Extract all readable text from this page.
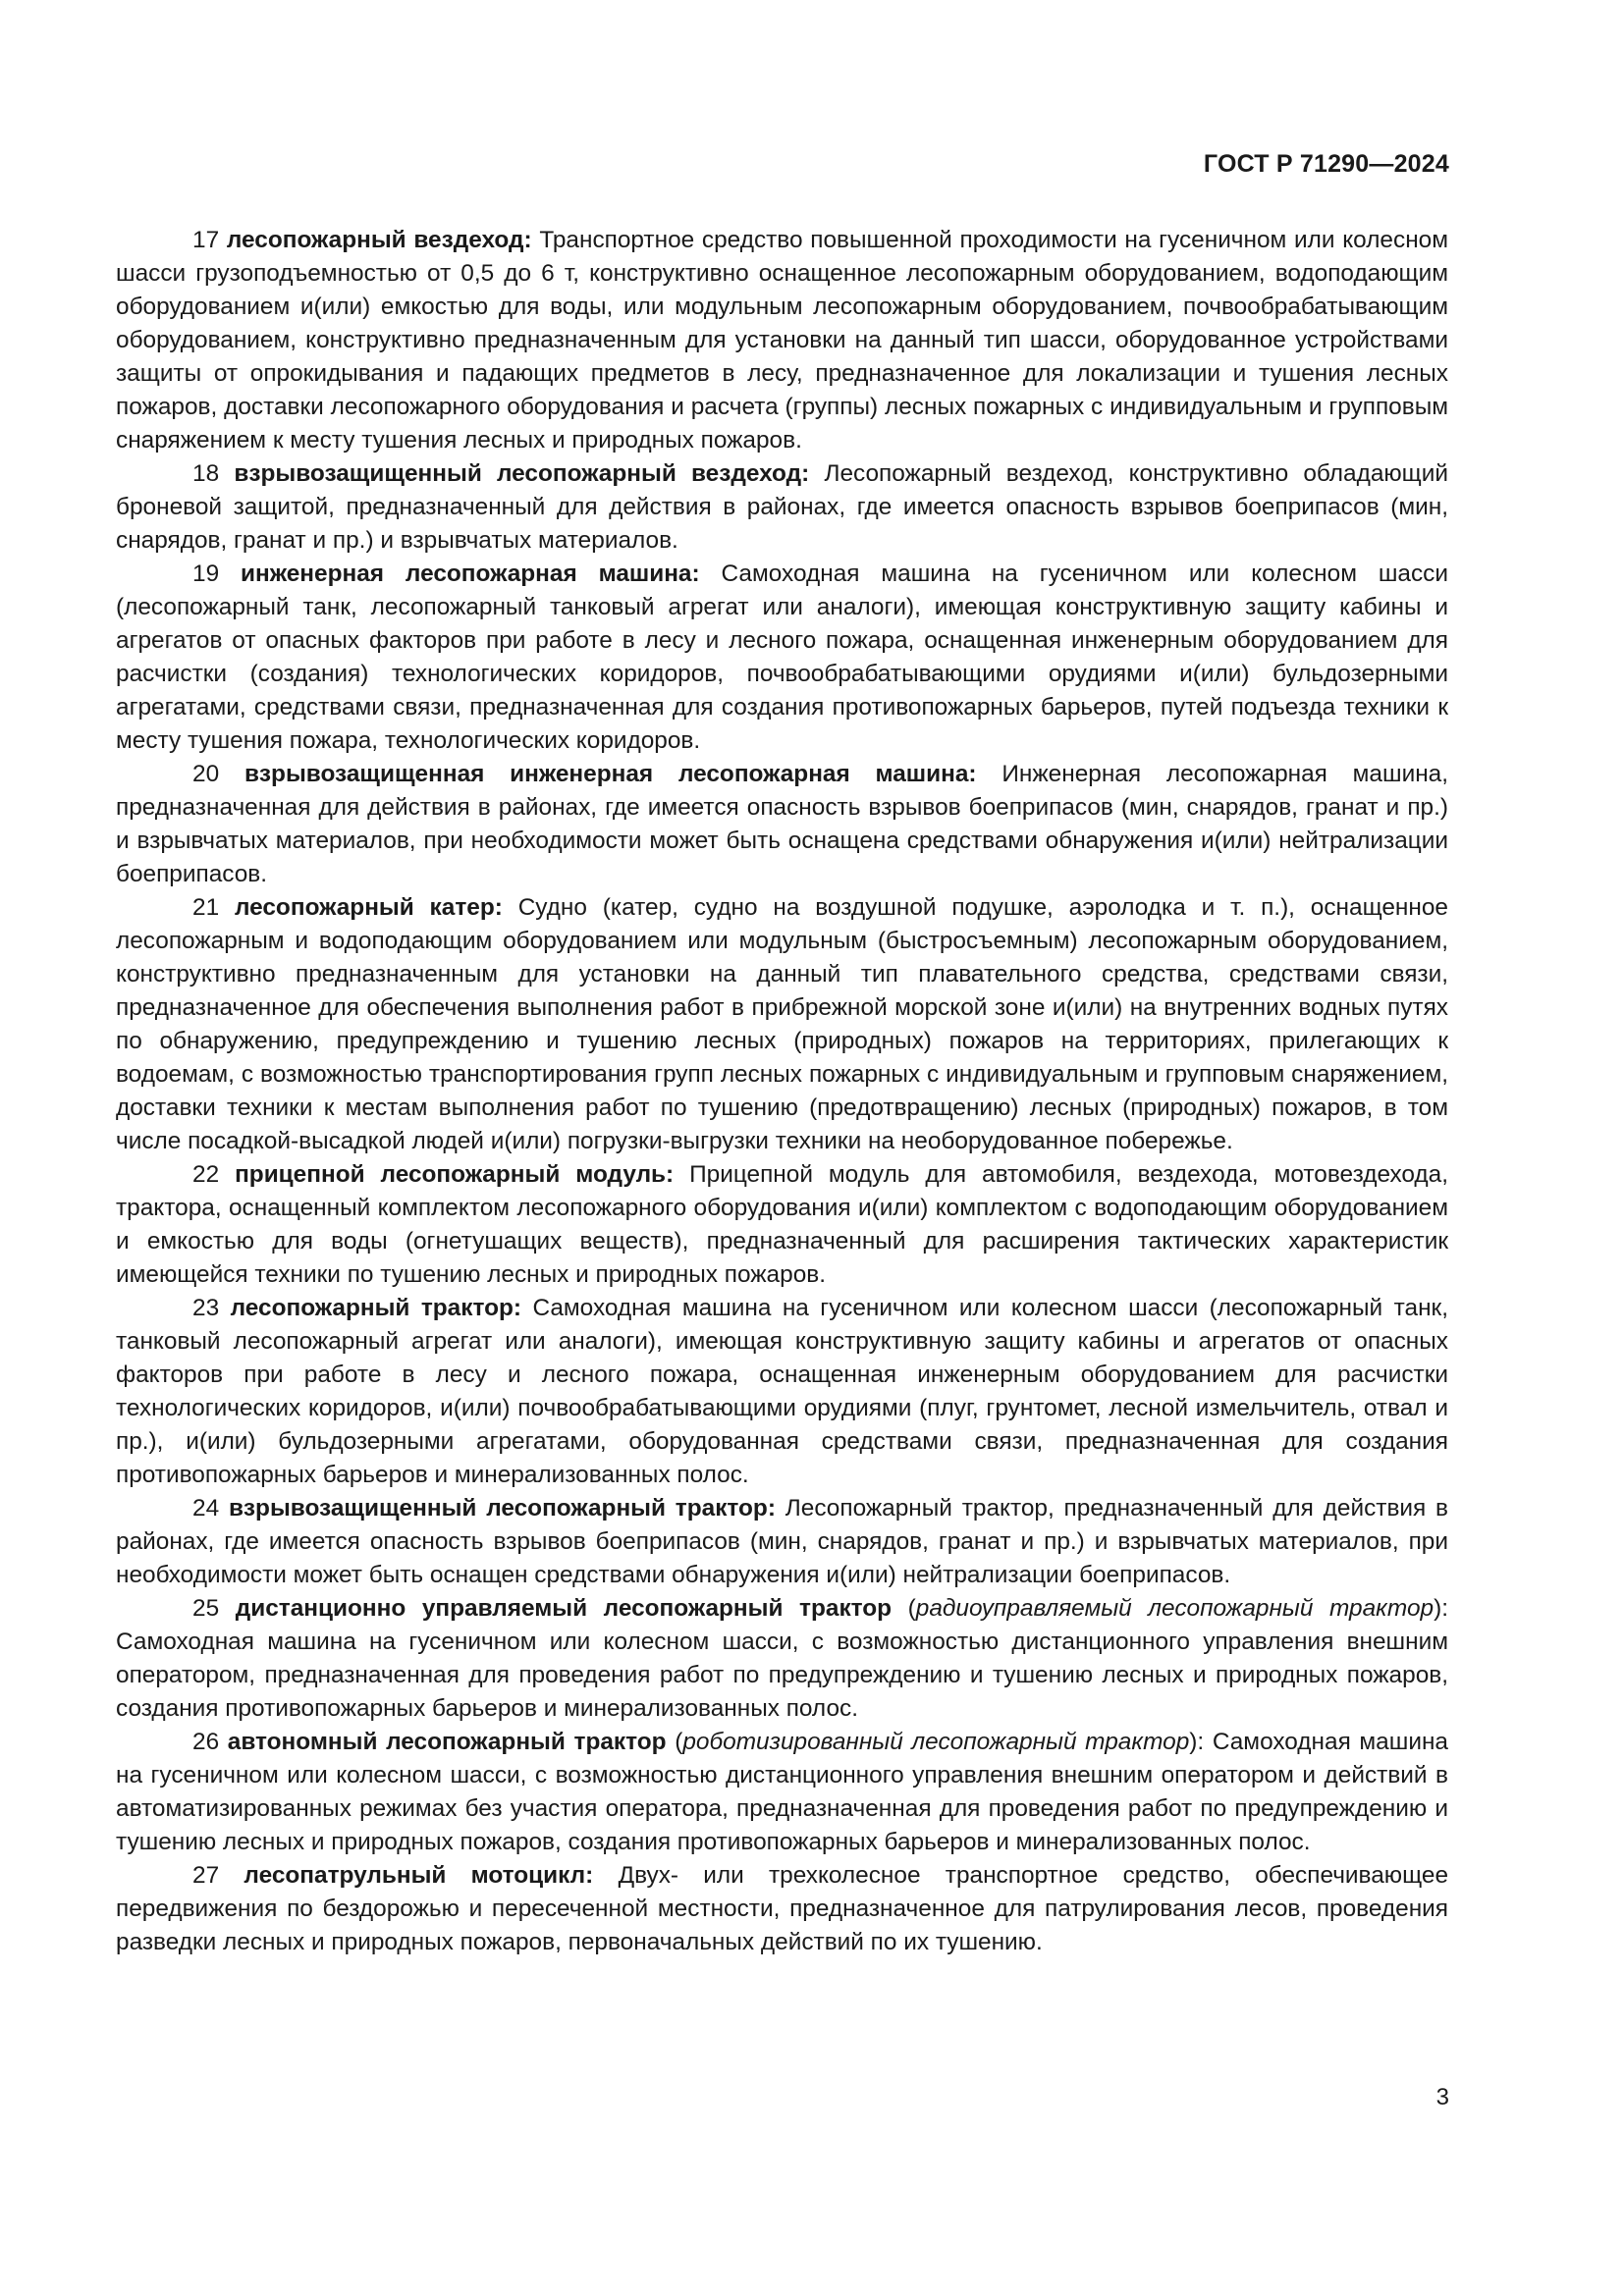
ГОСТ Р 71290—2024

17 лесопожарный вездеход: Транспортное средство повышенной проходимости на гусеничном или колесном шасси грузоподъемностью от 0,5 до 6 т, конструктивно оснащенное лесопожарным оборудованием, водоподающим оборудованием и(или) емкостью для воды, или модульным лесопожарным оборудованием, почвообрабатывающим оборудованием, конструктивно предназначенным для установки на данный тип шасси, оборудованное устройствами защиты от опрокидывания и падающих предметов в лесу, предназначенное для локализации и тушения лесных пожаров, доставки лесопожарного оборудования и расчета (группы) лесных пожарных с индивидуальным и групповым снаряжением к месту тушения лесных и природных пожаров.

18 взрывозащищенный лесопожарный вездеход: Лесопожарный вездеход, конструктивно обладающий броневой защитой, предназначенный для действия в районах, где имеется опасность взрывов боеприпасов (мин, снарядов, гранат и пр.) и взрывчатых материалов.

19 инженерная лесопожарная машина: Самоходная машина на гусеничном или колесном шасси (лесопожарный танк, лесопожарный танковый агрегат или аналоги), имеющая конструктивную защиту кабины и агрегатов от опасных факторов при работе в лесу и лесного пожара, оснащенная инженерным оборудованием для расчистки (создания) технологических коридоров, почвообрабатывающими орудиями и(или) бульдозерными агрегатами, средствами связи, предназначенная для создания противопожарных барьеров, путей подъезда техники к месту тушения пожара, технологических коридоров.

20 взрывозащищенная инженерная лесопожарная машина: Инженерная лесопожарная машина, предназначенная для действия в районах, где имеется опасность взрывов боеприпасов (мин, снарядов, гранат и пр.) и взрывчатых материалов, при необходимости может быть оснащена средствами обнаружения и(или) нейтрализации боеприпасов.

21 лесопожарный катер: Судно (катер, судно на воздушной подушке, аэролодка и т. п.), оснащенное лесопожарным и водоподающим оборудованием или модульным (быстросъемным) лесопожарным оборудованием, конструктивно предназначенным для установки на данный тип плавательного средства, средствами связи, предназначенное для обеспечения выполнения работ в прибрежной морской зоне и(или) на внутренних водных путях по обнаружению, предупреждению и тушению лесных (природных) пожаров на территориях, прилегающих к водоемам, с возможностью транспортирования групп лесных пожарных с индивидуальным и групповым снаряжением, доставки техники к местам выполнения работ по тушению (предотвращению) лесных (природных) пожаров, в том числе посадкой-высадкой людей и(или) погрузки-выгрузки техники на необорудованное побережье.

22 прицепной лесопожарный модуль: Прицепной модуль для автомобиля, вездехода, мотовездехода, трактора, оснащенный комплектом лесопожарного оборудования и(или) комплектом с водоподающим оборудованием и емкостью для воды (огнетушащих веществ), предназначенный для расширения тактических характеристик имеющейся техники по тушению лесных и природных пожаров.

23 лесопожарный трактор: Самоходная машина на гусеничном или колесном шасси (лесопожарный танк, танковый лесопожарный агрегат или аналоги), имеющая конструктивную защиту кабины и агрегатов от опасных факторов при работе в лесу и лесного пожара, оснащенная инженерным оборудованием для расчистки технологических коридоров, и(или) почвообрабатывающими орудиями (плуг, грунтомет, лесной измельчитель, отвал и пр.), и(или) бульдозерными агрегатами, оборудованная средствами связи, предназначенная для создания противопожарных барьеров и минерализованных полос.

24 взрывозащищенный лесопожарный трактор: Лесопожарный трактор, предназначенный для действия в районах, где имеется опасность взрывов боеприпасов (мин, снарядов, гранат и пр.) и взрывчатых материалов, при необходимости может быть оснащен средствами обнаружения и(или) нейтрализации боеприпасов.

25 дистанционно управляемый лесопожарный трактор (радиоуправляемый лесопожарный трактор): Самоходная машина на гусеничном или колесном шасси, с возможностью дистанционного управления внешним оператором, предназначенная для проведения работ по предупреждению и тушению лесных и природных пожаров, создания противопожарных барьеров и минерализованных полос.

26 автономный лесопожарный трактор (роботизированный лесопожарный трактор): Самоходная машина на гусеничном или колесном шасси, с возможностью дистанционного управления внешним оператором и действий в автоматизированных режимах без участия оператора, предназначенная для проведения работ по предупреждению и тушению лесных и природных пожаров, создания противопожарных барьеров и минерализованных полос.

27 лесопатрульный мотоцикл: Двух- или трехколесное транспортное средство, обеспечивающее передвижения по бездорожью и пересеченной местности, предназначенное для патрулирования лесов, проведения разведки лесных и природных пожаров, первоначальных действий по их тушению.

3
